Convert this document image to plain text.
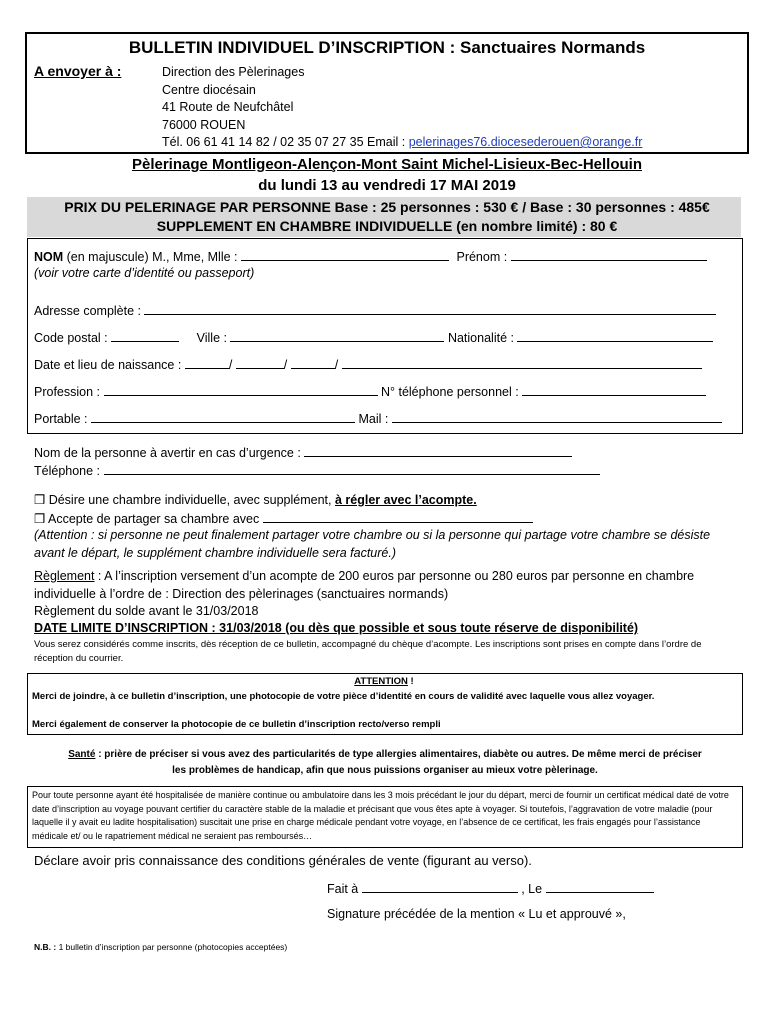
BULLETIN INDIVIDUEL D’INSCRIPTION : Sanctuaires Normands
A envoyer à :	Direction des Pèlerinages
Centre diocésain
41 Route de Neufchâtel
76000 ROUEN
Tél. 06 61 41 14 82 / 02 35 07 27 35 Email : pelerinages76.diocesederouen@orange.fr
Pèlerinage Montligeon-Alençon-Mont Saint Michel-Lisieux-Bec-Hellouin
du lundi 13 au vendredi 17 MAI 2019
PRIX DU PELERINAGE PAR PERSONNE Base : 25 personnes : 530 € / Base : 30 personnes : 485€
SUPPLEMENT EN CHAMBRE INDIVIDUELLE (en nombre limité) : 80 €
NOM (en majuscule) M., Mme, Mlle :	Prénom :
(voir votre carte d’identité ou passeport)
Adresse complète :
Code postal :	Ville :	Nationalité :
Date et lieu de naissance :	/	/	/
Profession :	N° téléphone personnel :
Portable :	Mail :
Nom de la personne à avertir en cas d’urgence :
Téléphone :
❒ Désire une chambre individuelle, avec supplément, à régler avec l’acompte.
❒ Accepte de partager sa chambre avec
(Attention : si personne ne peut finalement partager votre chambre ou si la personne qui partage votre chambre se désiste avant le départ, le supplément chambre individuelle sera facturé.)
Règlement : A l’inscription versement d’un acompte de 200 euros par personne ou 280 euros par personne en chambre individuelle à l’ordre de : Direction des pèlerinages (sanctuaires normands)
Règlement du solde avant le 31/03/2018
DATE LIMITE D’INSCRIPTION : 31/03/2018 (ou dès que possible et sous toute réserve de disponibilité)
Vous serez considérés comme inscrits, dès réception de ce bulletin, accompagné du chèque d’acompte. Les inscriptions sont prises en compte dans l’ordre de réception du courrier.
ATTENTION !
Merci de joindre, à ce bulletin d’inscription, une photocopie de votre pièce d’identité en cours de validité avec laquelle vous allez voyager.
Merci également de conserver la photocopie de ce bulletin d’inscription recto/verso rempli
Santé : prière de préciser si vous avez des particularités de type allergies alimentaires, diabète ou autres. De même merci de préciser les problèmes de handicap, afin que nous puissions organiser au mieux votre pèlerinage.
Pour toute personne ayant été hospitalisée de manière continue ou ambulatoire dans les 3 mois précédant le jour du départ, merci de fournir un certificat médical daté de votre date d’inscription au voyage pouvant certifier du caractère stable de la maladie et précisant que vous êtes apte à voyager. Si toutefois, l’aggravation de votre maladie (pour laquelle il y avait eu ladite hospitalisation) suscitait une prise en charge médicale pendant votre voyage, en l’absence de ce certificat, les frais engagés pour l’assistance médicale et/ ou le rapatriement médical ne seraient pas remboursés…
Déclare avoir pris connaissance des conditions générales de vente (figurant au verso).
Fait à	, Le
Signature précédée de la mention « Lu et approuvé »,
N.B. : 1 bulletin d’inscription par personne (photocopies acceptées)
